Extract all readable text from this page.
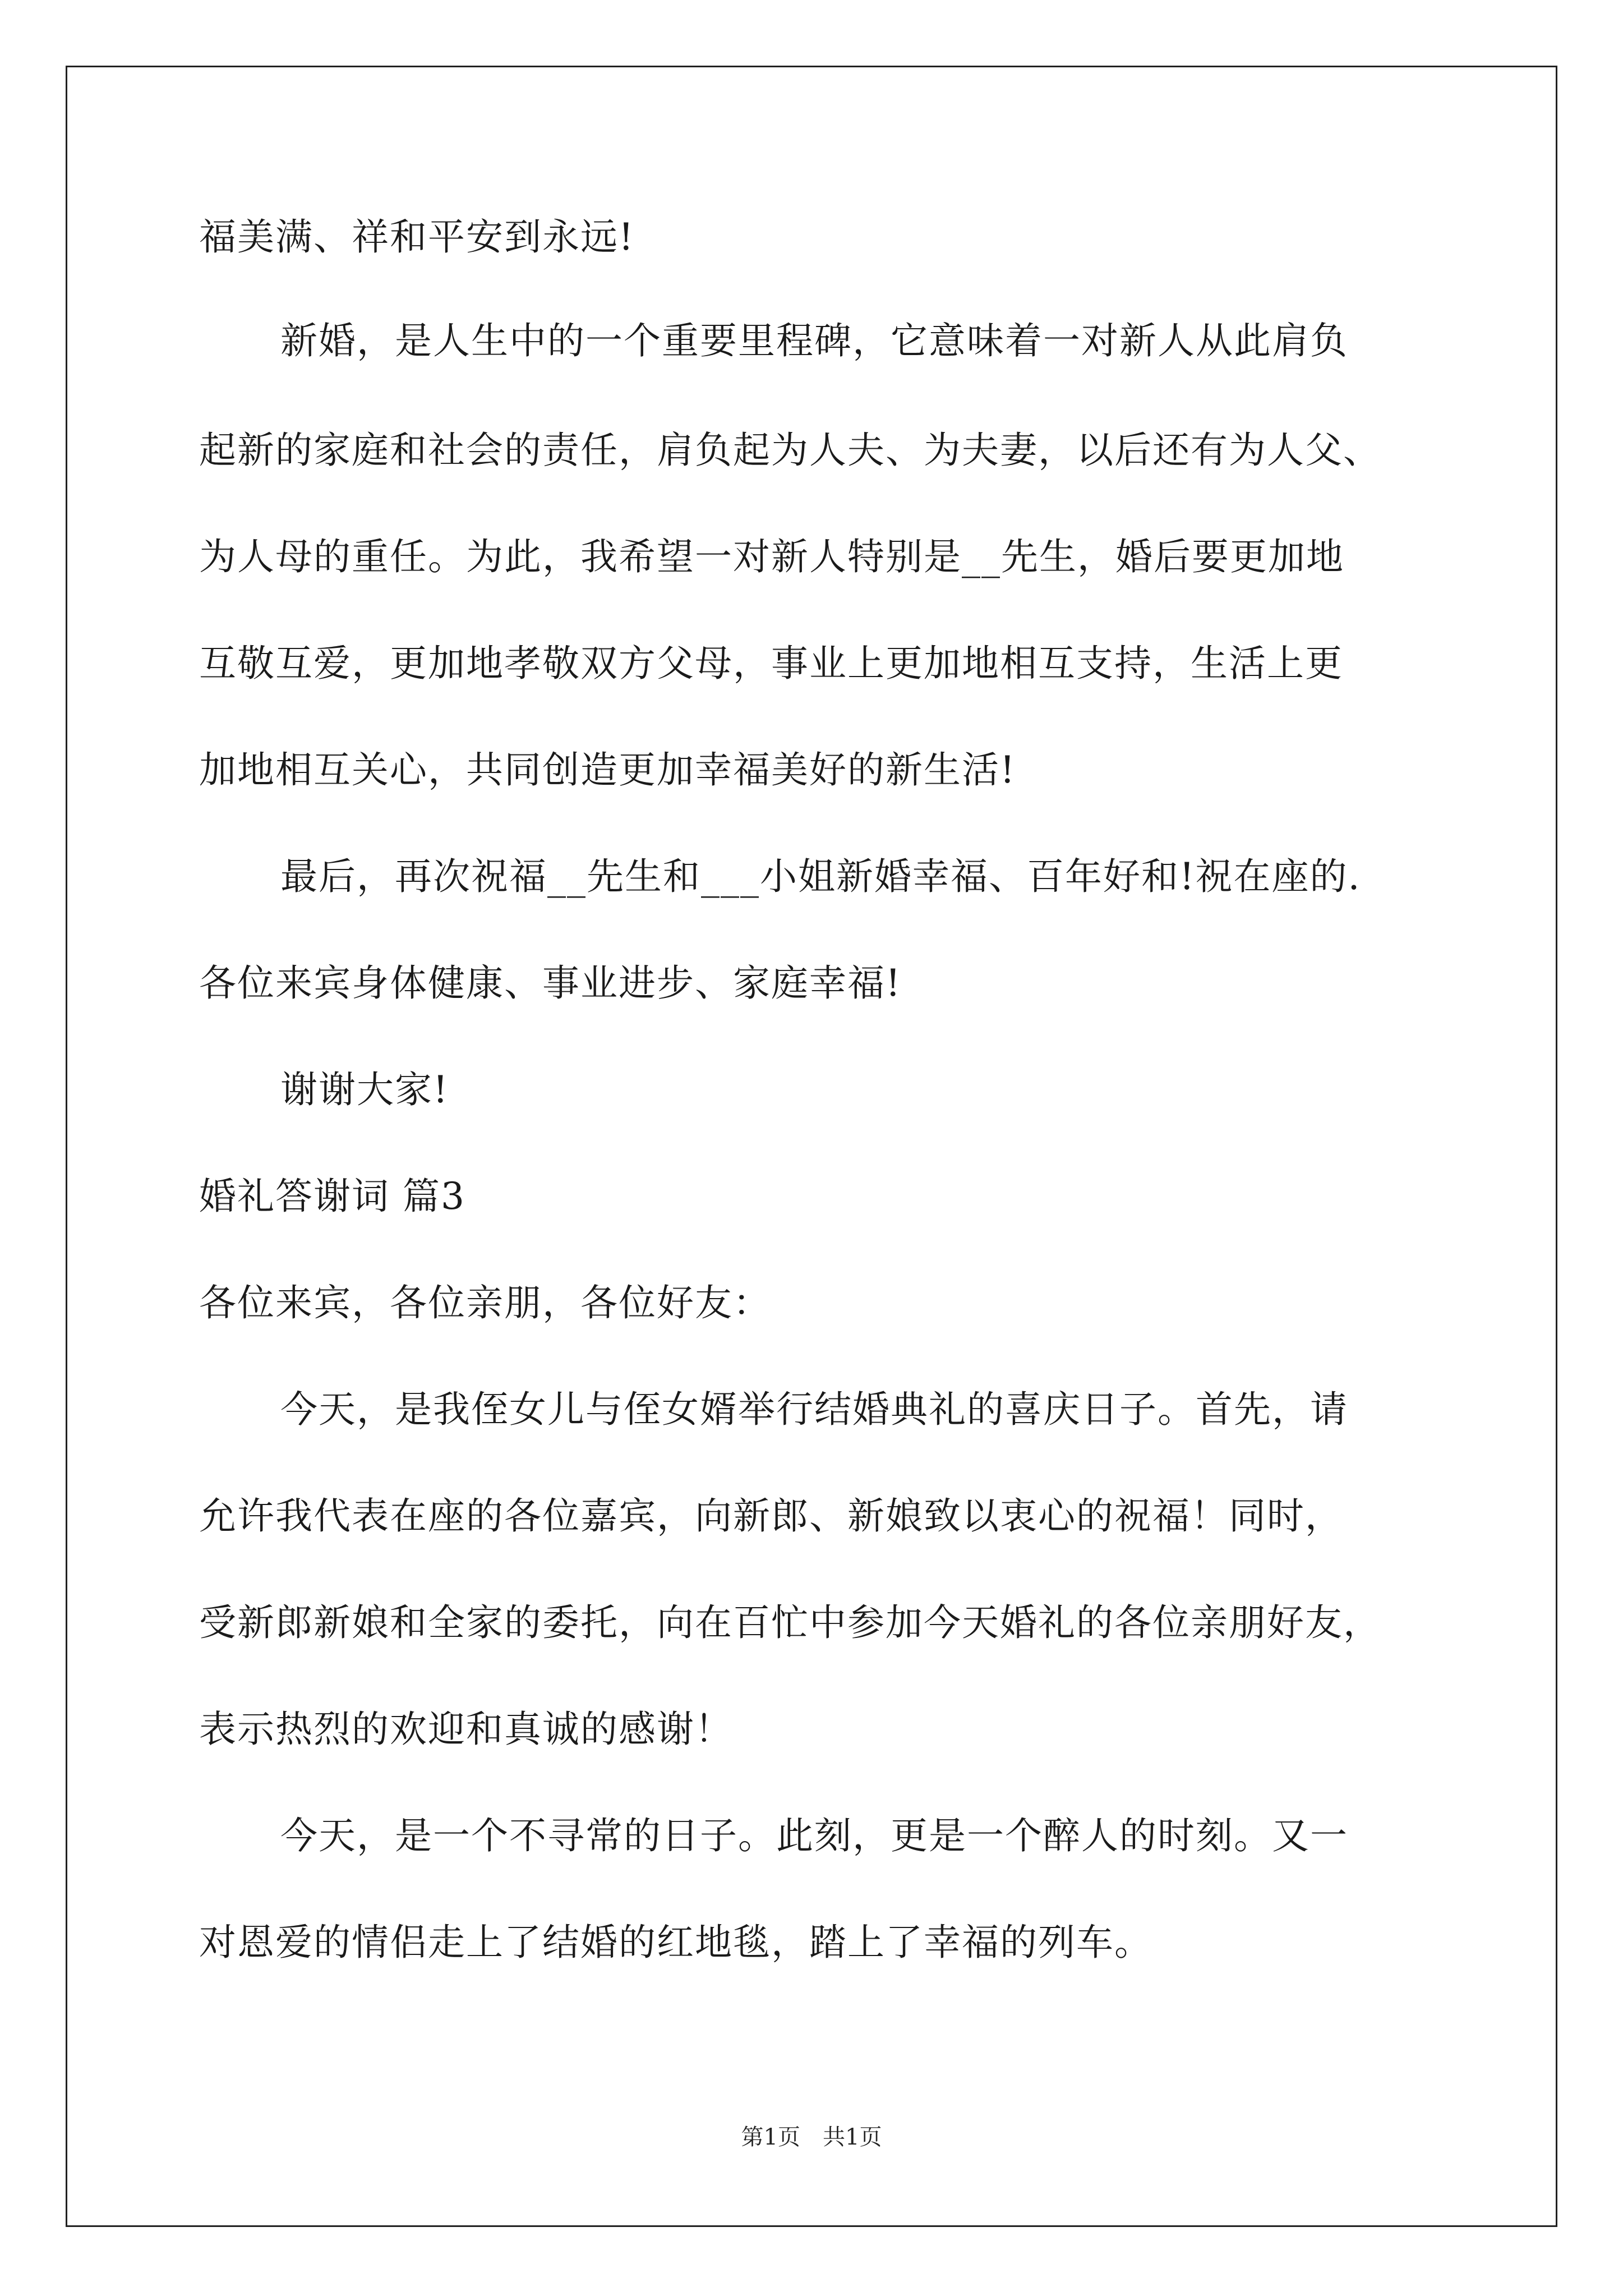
福美满、祥和平安到永远!
新婚，是人生中的一个重要里程碑，它意味着一对新人从此肩负
起新的家庭和社会的责任，肩负起为人夫、为夫妻，以后还有为人父、
为人母的重任。为此，我希望一对新人特别是__先生，婚后要更加地
互敬互爱，更加地孝敬双方父母，事业上更加地相互支持，生活上更
加地相互关心，共同创造更加幸福美好的新生活!
最后，再次祝福__先生和___小姐新婚幸福、百年好和!祝在座的.
各位来宾身体健康、事业进步、家庭幸福!
谢谢大家!
婚礼答谢词 篇3
各位来宾，各位亲朋，各位好友：
今天，是我侄女儿与侄女婿举行结婚典礼的喜庆日子。首先，请
允许我代表在座的各位嘉宾，向新郎、新娘致以衷心的祝福！同时，
受新郎新娘和全家的委托，向在百忙中参加今天婚礼的各位亲朋好友，
表示热烈的欢迎和真诚的感谢！
今天，是一个不寻常的日子。此刻，更是一个醉人的时刻。又一
对恩爱的情侣走上了结婚的红地毯，踏上了幸福的列车。
第1页 共1页
